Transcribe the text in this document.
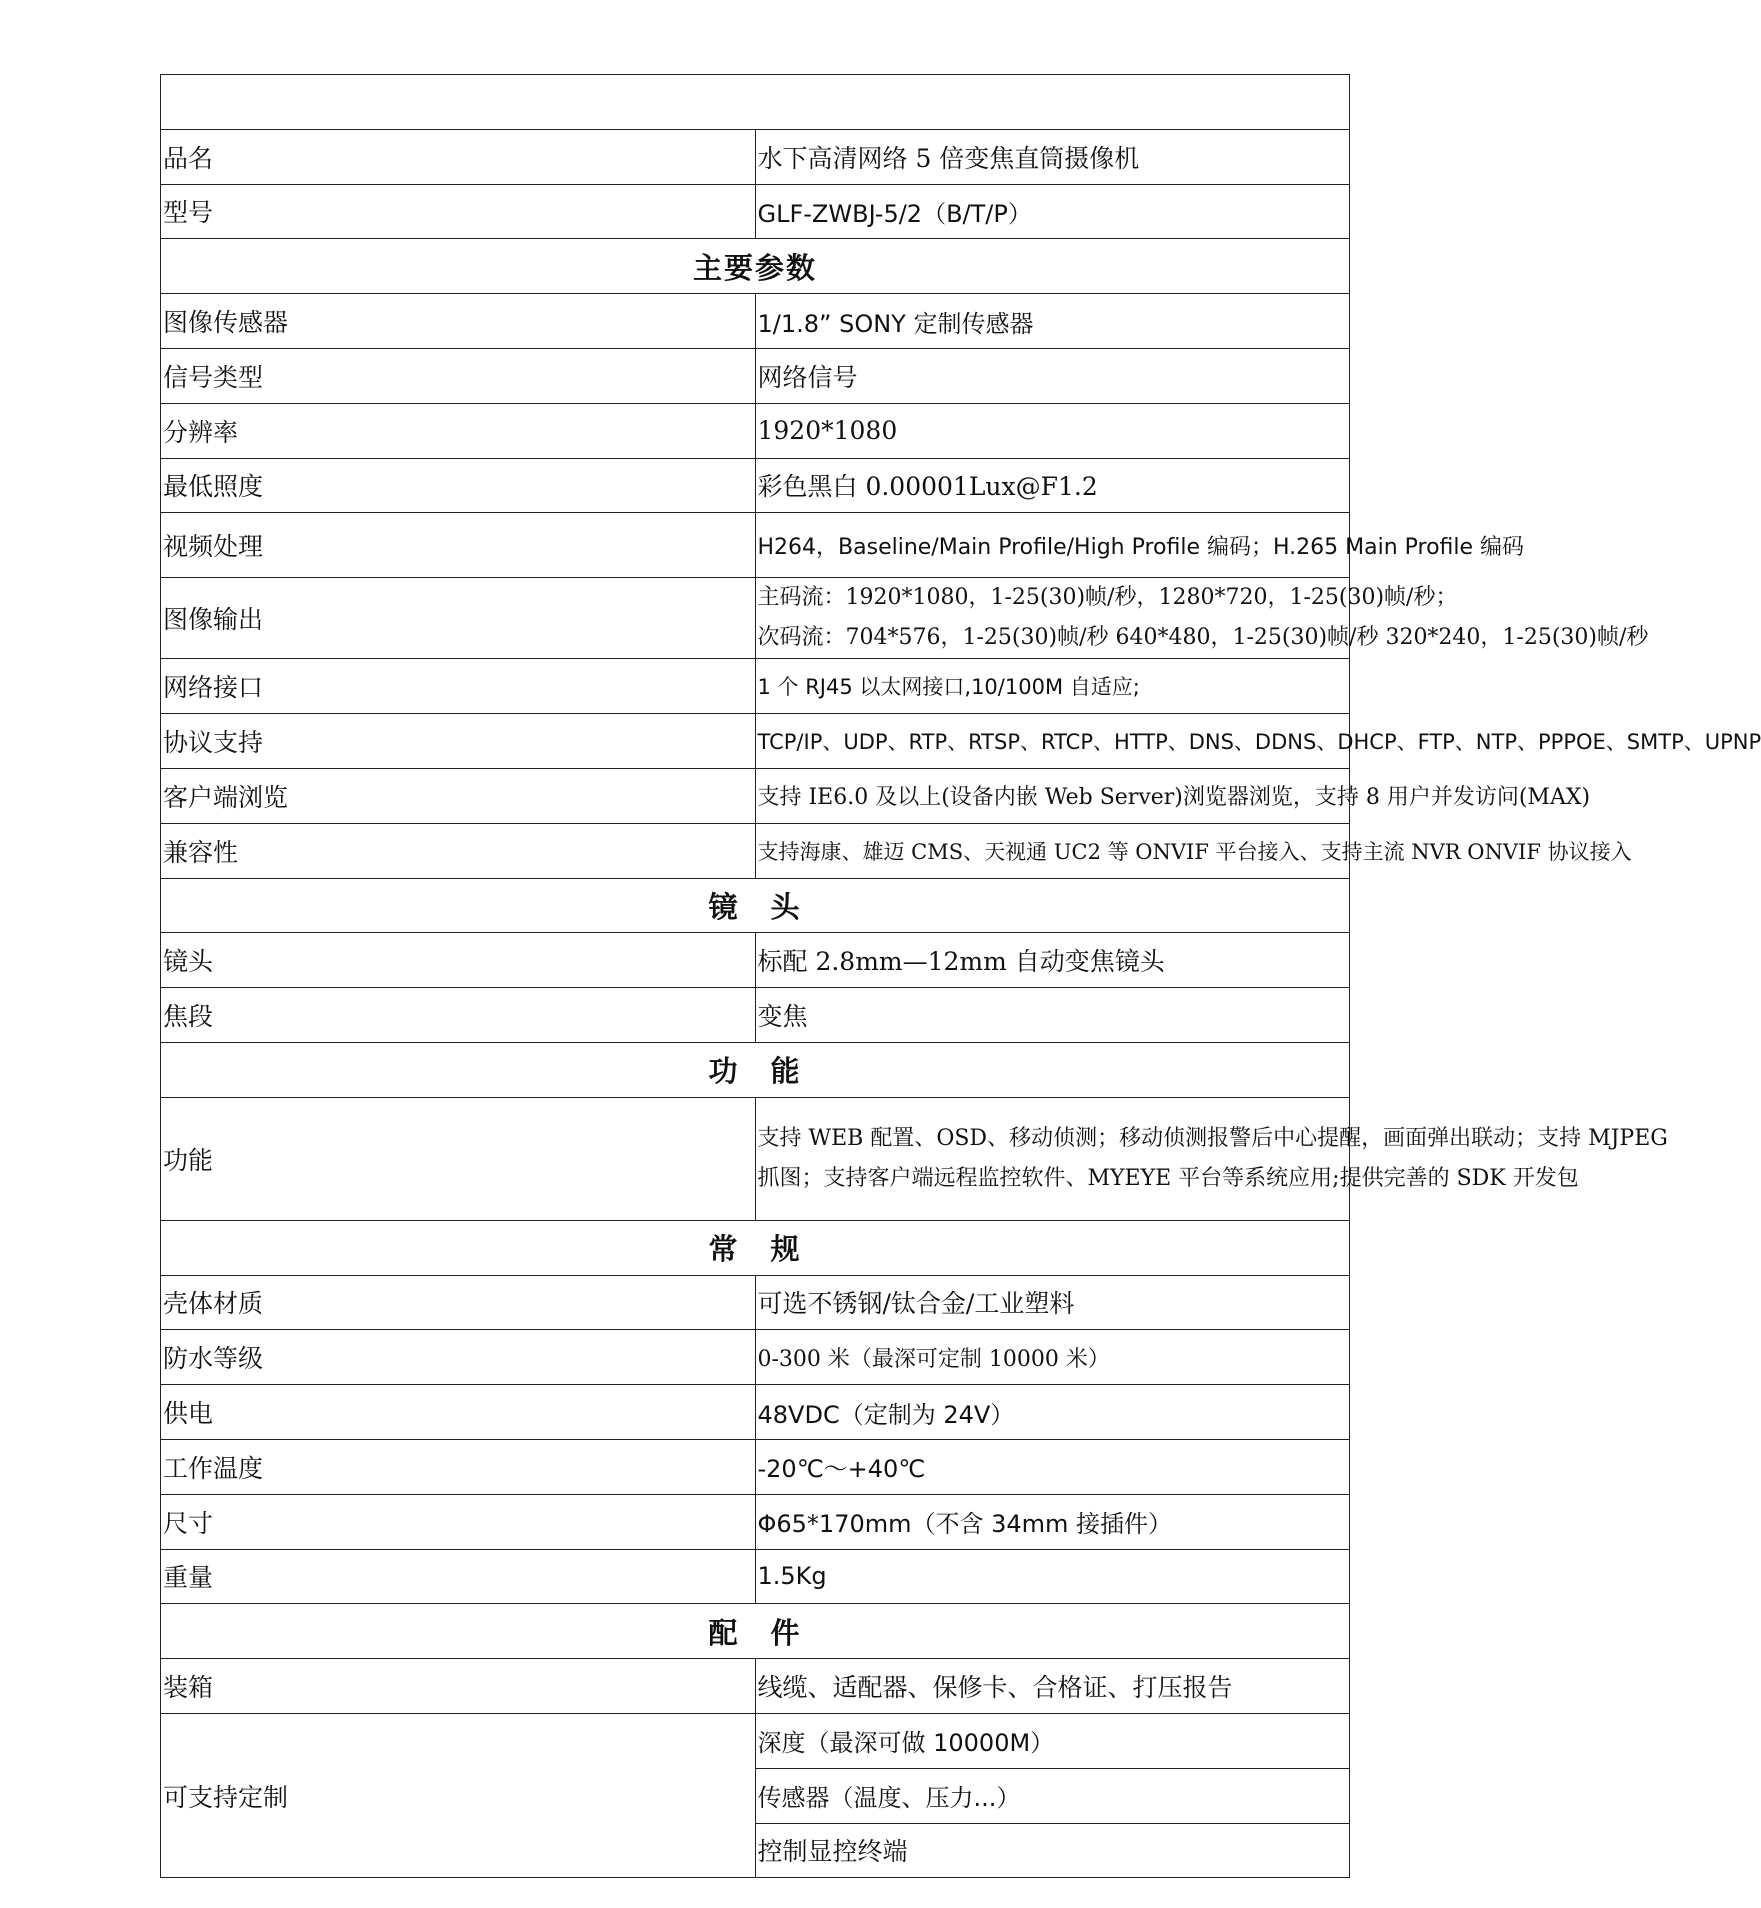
品名	水下高清网络 5 倍变焦直筒摄像机
型号	GLF-ZWBJ-5/2（B/T/P）
主要参数	
图像传感器	1/1.8” SONY 定制传感器
信号类型	网络信号
分辨率	1920*1080
最低照度	彩色黑白 0.00001Lux@F1.2
视频处理	H264，Baseline/Main Profile/High Profile 编码；H.265 Main Profile 编码
图像输出	主码流：1920*1080，1-25(30)帧/秒，1280*720，1-25(30)帧/秒；
次码流：704*576，1-25(30)帧/秒 640*480，1-25(30)帧/秒 320*240，1-25(30)帧/秒

网络接口	1 个 RJ45 以太网接口,10/100M 自适应;
协议支持	TCP/IP、UDP、RTP、RTSP、RTCP、HTTP、DNS、DDNS、DHCP、FTP、NTP、PPPOE、SMTP、UPNP
客户端浏览	支持 IE6.0 及以上(设备内嵌 Web Server)浏览器浏览，支持 8 用户并发访问(MAX)
兼容性	支持海康、雄迈 CMS、天视通 UC2 等 ONVIF 平台接入、支持主流 NVR ONVIF 协议接入
镜　头	
镜头	标配 2.8mm—12mm 自动变焦镜头
焦段	变焦
功　能	
功能	支持 WEB 配置、OSD、移动侦测；移动侦测报警后中心提醒，画面弹出联动；支持 MJPEG
抓图；支持客户端远程监控软件、MYEYE 平台等系统应用;提供完善的 SDK 开发包

常　规	
壳体材质	可选不锈钢/钛合金/工业塑料
防水等级	0-300 米（最深可定制 10000 米）
供电	48VDC（定制为 24V）
工作温度	-20℃～+40℃
尺寸	Φ65*170mm（不含 34mm 接插件）
重量	1.5Kg
配　件	
装箱	线缆、适配器、保修卡、合格证、打压报告
可支持定制	深度（最深可做 10000M）
	传感器（温度、压力...）
	控制显控终端
